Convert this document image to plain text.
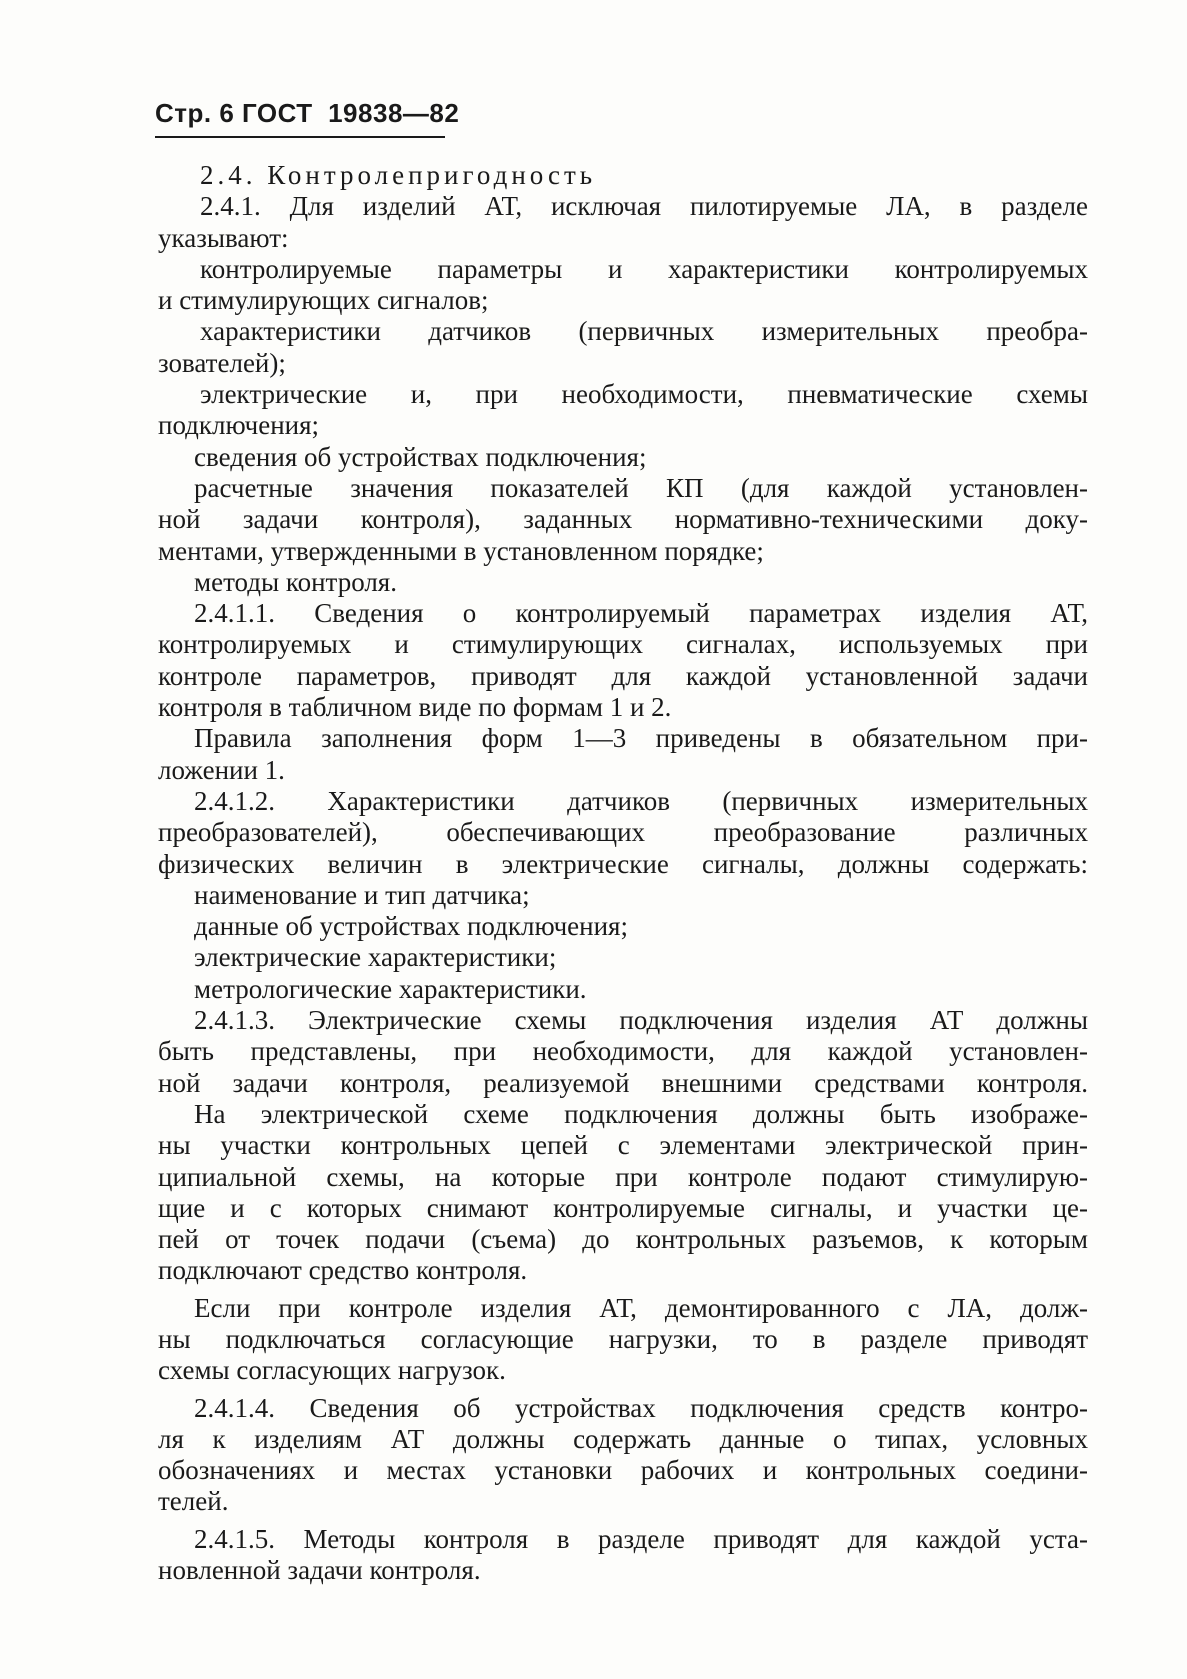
Стр. 6 ГОСТ  19838—82
2.4. Контролепригодность
2.4.1. Для изделий АТ, исключая пилотируемые ЛА, в разделе
указывают:
контролируемые параметры и характеристики контролируемых
и стимулирующих сигналов;
характеристики датчиков (первичных измерительных преобра-
зователей);
электрические и, при необходимости, пневматические схемы
подключения;
сведения об устройствах подключения;
расчетные значения показателей КП (для каждой установлен-
ной задачи контроля), заданных нормативно-техническими доку-
ментами, утвержденными в установленном порядке;
методы контроля.
2.4.1.1. Сведения о контролируемый параметрах изделия АТ,
контролируемых и стимулирующих сигналах, используемых при
контроле параметров, приводят для каждой установленной задачи
контроля в табличном виде по формам 1 и 2.
Правила заполнения форм 1—3 приведены в обязательном при-
ложении 1.
2.4.1.2. Характеристики датчиков (первичных измерительных
преобразователей), обеспечивающих преобразование различных
физических величин в электрические сигналы, должны содержать:
наименование и тип датчика;
данные об устройствах подключения;
электрические характеристики;
метрологические характеристики.
2.4.1.3. Электрические схемы подключения изделия АТ должны
быть представлены, при необходимости, для каждой установлен-
ной задачи контроля, реализуемой внешними средствами контроля.
На электрической схеме подключения должны быть изображе-
ны участки контрольных цепей с элементами электрической прин-
ципиальной схемы, на которые при контроле подают стимулирую-
щие и с которых снимают контролируемые сигналы, и участки це-
пей от точек подачи (съема) до контрольных разъемов, к которым
подключают средство контроля.
Если при контроле изделия АТ, демонтированного с ЛА, долж-
ны подключаться согласующие нагрузки, то в разделе приводят
схемы согласующих нагрузок.
2.4.1.4. Сведения об устройствах подключения средств контро-
ля к изделиям АТ должны содержать данные о типах, условных
обозначениях и местах установки рабочих и контрольных соедини-
телей.
2.4.1.5. Методы контроля в разделе приводят для каждой уста-
новленной задачи контроля.
